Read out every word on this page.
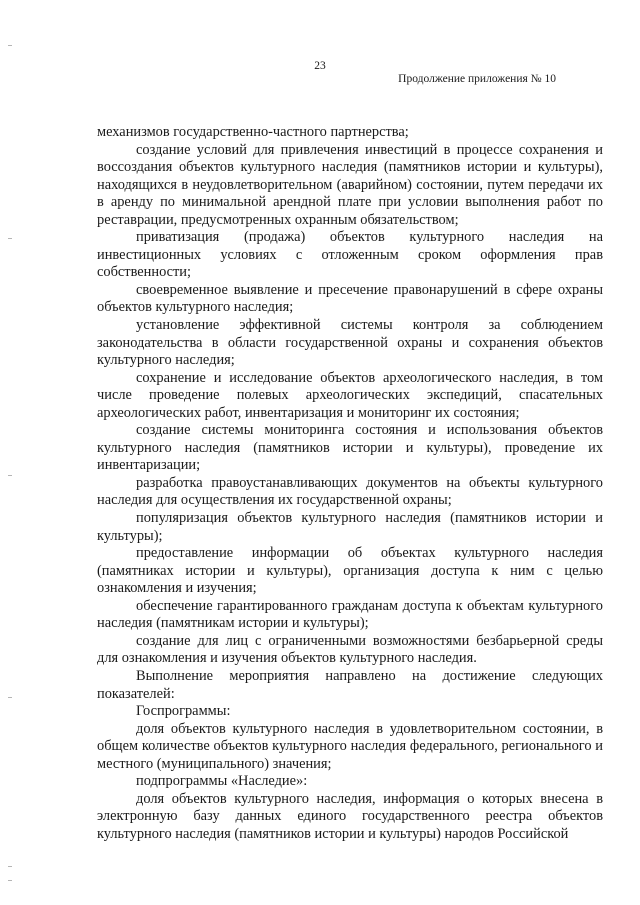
23
Продолжение приложения № 10

механизмов государственно-частного партнерства;

создание условий для привлечения инвестиций в процессе сохранения и воссоздания объектов культурного наследия (памятников истории и культуры), находящихся в неудовлетворительном (аварийном) состоянии, путем передачи их в аренду по минимальной арендной плате при условии выполнения работ по реставрации, предусмотренных охранным обязательством;

приватизация (продажа) объектов культурного наследия на инвестиционных условиях с отложенным сроком оформления прав собственности;

своевременное выявление и пресечение правонарушений в сфере охраны объектов культурного наследия;

установление эффективной системы контроля за соблюдением законодательства в области государственной охраны и сохранения объектов культурного наследия;

сохранение и исследование объектов археологического наследия, в том числе проведение полевых археологических экспедиций, спасательных археологических работ, инвентаризация и мониторинг их состояния;

создание системы мониторинга состояния и использования объектов культурного наследия (памятников истории и культуры), проведение их инвентаризации;

разработка правоустанавливающих документов на объекты культурного наследия для осуществления их государственной охраны;

популяризация объектов культурного наследия (памятников истории и культуры);

предоставление информации об объектах культурного наследия (памятниках истории и культуры), организация доступа к ним с целью ознакомления и изучения;

обеспечение гарантированного гражданам доступа к объектам культурного наследия (памятникам истории и культуры);

создание для лиц с ограниченными возможностями безбарьерной среды для ознакомления и изучения объектов культурного наследия.

Выполнение мероприятия направлено на достижение следующих показателей:

Госпрограммы:

доля объектов культурного наследия в удовлетворительном состоянии, в общем количестве объектов культурного наследия федерального, регионального и местного (муниципального) значения;

подпрограммы «Наследие»:

доля объектов культурного наследия, информация о которых внесена в электронную базу данных единого государственного реестра объектов культурного наследия (памятников истории и культуры) народов Российской
